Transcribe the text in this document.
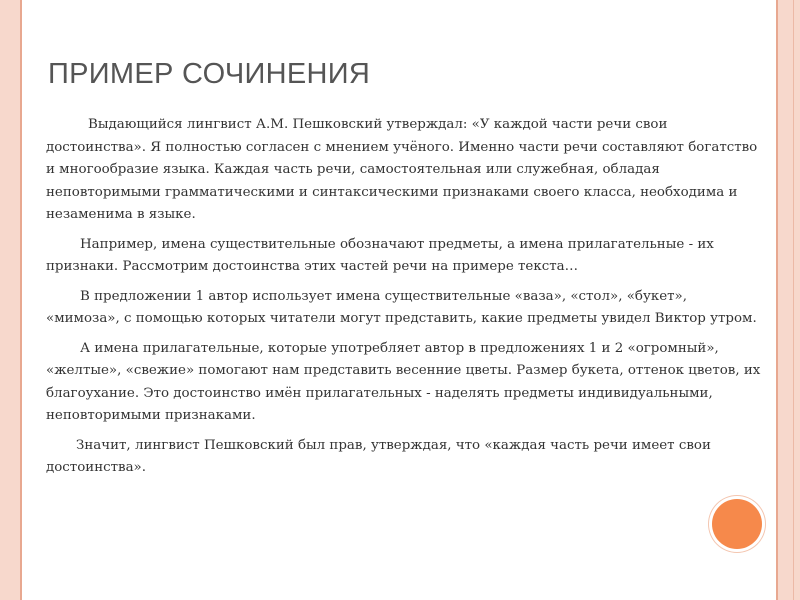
ПРИМЕР СОЧИНЕНИЯ

Выдающийся лингвист А.М. Пешковский утверждал: «У каждой части речи свои достоинства». Я полностью согласен с мнением учёного. Именно части речи составляют богатство и многообразие языка. Каждая часть речи, самостоятельная или служебная, обладая неповторимыми грамматическими и синтаксическими признаками своего класса, необходима и незаменима в языке.

Например, имена существительные обозначают предметы, а имена прилагательные - их признаки. Рассмотрим достоинства этих частей речи на примере текста…

В предложении 1 автор использует имена существительные «ваза», «стол», «букет», «мимоза», с помощью которых читатели могут представить, какие предметы увидел Виктор утром.

А имена прилагательные, которые употребляет автор в предложениях 1 и 2 «огромный», «желтые», «свежие» помогают нам представить весенние цветы. Размер букета, оттенок цветов, их благоухание. Это достоинство имён прилагательных - наделять предметы индивидуальными, неповторимыми признаками.

Значит, лингвист Пешковский был прав, утверждая, что «каждая часть речи имеет свои достоинства».
